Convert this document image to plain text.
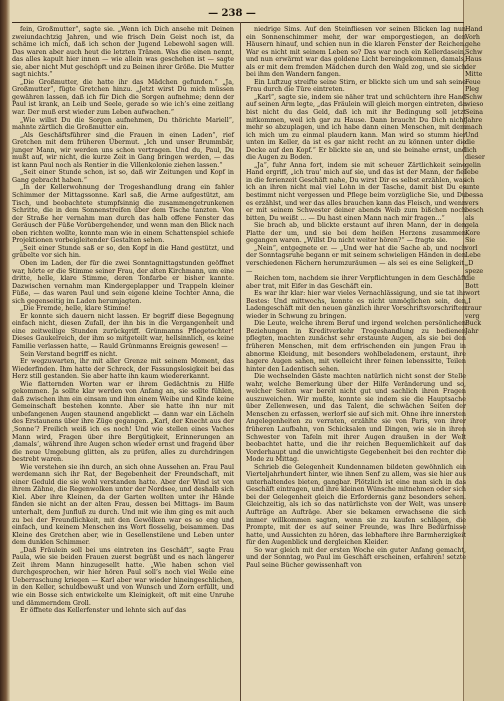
— 238 —

fein, Großmutter“, sagte sie. „Wenn ich Dich ansehe mit Deinen zweiundachtzig Jahren, und wie frisch Dein Geist noch ist, da schäme ich mich, daß ich schon der Jugend Lebewohl sagen will. Das waren aber auch heut die letzten Tränen. Was die einen nennt, das alles kapult hier innen — wie allein was geschehen ist — sagte sie, aber nicht Mut geschöpft und zu Beinen ihrer Größe. Die Mutter sagt nichts.“

„Die Großmutter, die hatte ihr das Mädchen gefunden.“ „Ja, Großmutter“, fügte Gretchen hinzu. „Jetzt wirst Du mich müssen gewähren lassen, daß ich für Dich die Sorgen aufnehme; denn der Paul ist krank, an Leib und Seele, gerade so wie ich’s eine zeitlang war. Der muß erst wieder zum Leben aufwachen.“

„Wie willst Du die Sorgen aufnehmen, Du thörichte Mariell“, mahnte zärtlich die Großmutter ein.

„Als Geschäftsführer sind die Frauen in einen Laden“, rief Gretchen mit dem früheren Übermut. „Ich und unser Brummbär, junger Mann, wir werden uns schon vertragen. Und du, Paul, Du mußt auf, wir nicht, die kurze Zeit in Gang bringen werden, — das ist kann Paul noch als Rentier in die Villenkolonie ziehen lassen.“

„Seit einer Stunde schon, ist so, daß wir Zeitungen und Kopf in Gang gebracht haben.“

„In der Kellerwohnung der Trogeshandlung drang ein fahler Schimmer der Mittagssonne. Karl saß, die Arme aufgestützt, am Tisch, und beobachtete stumpfsinnig die zusammengetrunkenen Schritte, die in dem Sonnenstreifen über dem Tische tanzten. Von der Straße her vernahm man durch das halb offene Fenster das Geräusch der Füße Vorübergehender, und wenn man den Blick nach oben richten wollte, konnte man wie in einem Schattenspiel schiefe Projektionen vorbeigleitender Gestalten sehen.

„Seit einer Stunde saß er so, den Kopf in die Hand gestützt, und grübelte vor sich hin.

Oben im Laden, der für die zwei Sonntagnittagstunden geöffnet war, hörte er die Stimme seiner Frau, der alten Kirchmann, um eine dritte, helle, klare Stimme, deren Tonfarbe er bisher kannte. Dazwischen vernahm man Kindergeplapper und Trappeln kleiner Füße, — das waren Paul und sein eigene kleine Tochter Anna, die sich gegenseitig im Laden herumjagten.

„Die Fremde, helle, klare Stimme!

Er konnte sich dauern nicht lassen. Er begriff diese Begegnung einfach nicht, diesen Zufall, der ihn bis in die Vergangenheit und eine zeitweilige Stunden zurückgriff. Grünmanns Pflegetochter! Dieses Gaukelreich, der ihm so mitgeteilt war, hellsinnlich, es keine Familie verlassen hatte, — Rauld Grünmanns Ereignis gewesen! —

Sein Verstand begriff es nicht.

Er wegzuwarten, ihr mit aller Grenze mit seinem Moment, das Wiederfinden. Ihm hatte der Schreck, der Fassungslosigkeit bei das Herz still gestanden. Sie aber hatte ihn kaum wiedererkannt.

Wie flatternden Worten war er ihrem Gedächtnis zu Hilfe gekommen. Ja sollte klar werden von Anfang an, sie sollte fühlen, daß zwischen ihm ein einsam und ihm einem Weibe und Kinde keine Gemeinschaft bestehen konnte. Aber sie hatte ihn nur mit unbefangenen Augen staunend angeblickt — dann war ein Lächeln des Erstaunens über ihre Züge gegangen. „Karl, der Knecht aus der ‚Sonne‘? Freilich weiß ich es noch! Und wie stellen eines Vaches Mann wird, Fragen über ihre Bergütigkeit, Erinnerungen an ‚damals‘, während ihre Augen schon wieder ernst und fragend über die neue Umgebung glitten, als zu prüfen, alles zu durchdringen bestrebt waren.

Wie verstehen sie ihn durch, an sich ohne Aussehen an. Frau Paul werdemann sich ihr Rat, der Begebenheit der Freundschaft, mit einer Geduld die sie wohl verstanden hatte. Aber der Wind ist von ihrem Zähne, die Regenwolken unter der Nordsee, und deshalb sich Kiel. Aber ihre Kleinen, da der Garten wollten unter ihr Hände fänden sie nicht an der alten Frau, dessen bei Mittags- im Baum unterhalt, dem Junfluß zu durch. Und mit wie ihm ging es mit auch zu bei der Freundlichkeit, mit den Gewölken war es so eng und einfach, und keinem Menschen ins Wort flosselig, beisammen. Das Kleine des Gretchen aber, wie in Gesellenstilene und Leben unter dem dunklen Schimmer.

„Daß Fräulein soll bei uns eintreten ins Geschäft“, sagte Frau Paula, wie sie beiden Frauen zuerst begrüßt und es nach längerer Zeit ihrem Mann hinzugesellt hatte. „Wie haben schon viel durchgesprochen, wir hier hören Paul soll’s noch viel Weile eine Ueberraschung kriegen — Karl aber war wieder hineingeschlichen, in den Keller, schuldbewußt und von Wunsch und Zorn erfüllt, und wie ein Bosse sich entwickelte um Kleinigkeit, oft mit eine Unruhe und dämmerndem Groll.

Er öffnete das Kellerfenster und lehnte sich auf das

niedrige Sims. Auf den Steinfliesen vor seinen Blicken lag nun ein Sonnenschimmer mehr, der war emporgestiegen, an den Häusern hinauf, und schien nun in die klaren Fenster der Reichen. War es nicht mit seinem Leben so? Das war noch ein Kellerdasein, und nun erwärmt war das goldene Licht bereingekommen, damals, als er mit dem fremden Mädchen durch den Wald zog, und sie sich bei ihm den Wandern fangen.

Ein Luftzug streifte seine Stirn, er blickte sich um und sah seine Frau durch die Türe eintreten.

„Karl“, sagte sie, indem sie näher trat und schüchtern ihre Hand auf seinen Arm legte, „das Fräulein will gleich morgen eintreten, da bist nicht du das Geld, daß ich mit ihr Bedingung soll jetzt mitkommen, weil ich gar zu Hause. Dann braucht Du Dich nicht mehr so abzuplagen, und ich habe dann einen Menschen, mit dem ich mich um zu einmal plaudern kann. Man wird so stumm hier unten im Keller, da ist es gar nicht recht an zu können unter die Decke auf den Kopf.“ Er blickte sie an, und sie beinahe ernst, und die Augen zu Boden.

„Ja“, fuhr Anna fort, indem sie mit scheuer Zärtlichkeit seine Hand ergriff, „ich trau’ mich auf sie, und das ist der Mann, der fiel in die ferienzeit Geschäft nahe, Du wirst Dir es selbst erzählen, was ich an ihren nicht mal viel Lohn in der Tasche, damit bist Du es bestimmt nicht vergessen und Pflege beim vorzügliche Sie, und Du es erzählst, und wer das alles brauchen kann das Fleisch, und wenn er mit seinem Schwester deiner abends Weib zum bißchen noch bitten, Du weißt ... — Du hast einen Mann nach mir fragen...“

Sie brach ab, und blickte erstaunt auf ihren Mann, der in den Platte der um, und sie bei dem heißen Herzens zusammen gegangen waren. „Willst Du nicht weiter hören?“ — fragte sie.

„Nein“, entgegnete er. — „Und wer hat die Sache ab, und noch der Sonntagsruhe begann er mit seinem schwieligen Händen in den verschiedenen Fächern herumzuräumen — als sei es eine Seligkeit. —

Reichen tom, nachdem sie ihrer Verpflichtungen in dem Geschäft aber trat, mit Eifer in das Geschäft ein.

Es war ihr klar: hier war vieles Vernachlässigung, und sie tat ihr Bestes: Und mittwochs, konnte es nicht unmöglichen sein, den Ladengeschäft mit den neuen gänzlich ihrer Vorschriftsvorschriften wieder in Schwung zu bringen.

Die Leute, welche ihrem Beruf und irgend welchen persönlichen Beziehungen in Kreditverkehr Trogeshandlung zu bedienen pflegten, machten zunächst sehr erstaunte Augen, als sie bei den früheren Menschen, mit dem erfrischenden ein jungen Frau in abnorme Kleidung, mit besonders wohlbeladenem, erstaunt, ihre hagere Augen sahen, mit vielleicht ihrer feinen lebenssitte, Teilen hinter den Ladentisch sehen.

Die wechselnden Gäste machten natürlich nicht sonst der Stelle wahr, welche Bemerkung über der Hilfe Veränderung und so, welcher Seiten war bereit nicht gut und sachlich ihren Fragen auszuweichen. Wir mußte, konnte sie indem sie die Hauptsache über Zellenwesen, und das Talent, die schwächen Seiten der Menschen zu erfassen, werlorf sie auf sich mit. Ohne ihre innersten Angelegenheiten zu verraten, erzählte sie von Paris, von ihrer früheren Laufbahn, von Schicksalen und Dingen, wie sie in ihren Schwester von Tafeln mit ihrer Augen draußen in der Welt beobachtet hatte, und die ihr reichen Bequemlichkeit auf das Vorderhaupt und die unwichtigste Gegebenheit bei den rechter die Mode zu Mittag.

Schrieb die Gelegenheit Kundennamen bildeten gewöhnlich ein Vierteljahrhundert hinter, wie ihnen Senf zu allem, was sie hier aus unterhaltendes bieten, gangbar. Plötzlich ist eine man sich in das Geschäft eintragen, und ihre kleinen Wünsche mitnehmen oder sich bei der Gelegenheit gleich die Erfordernis ganz besonders sehen. Gleichzeitig, als ich so das natürlichste von der Welt, was unsere Aufträge an Aufträge. Aber sie bekamen erwachsene die sich immer willkommen sagten, wenn sie zu kaufen schlägen, die Prompte, mit der es auf seiner Freunde, was Ihre Bedürfnisse hatte, und Aussichten zu hören, das lebhaftere ihre Barmherzigkeit für den Augenblick und dergleichen Kleider.

So war gleich mit der ersten Woche ein guter Anfang gemacht, und der Sonntag, wo Paul im Geschäft erscheinen, erfahren! setzte Paul seine Bücher gewissenhaft von

Hand
Vorh
gehe
Schw
Haus
der
Mitte
Feue
Pleg
Schw
wieso
Seina
Jahre
mach
Und
die
lich
dieser
gelin
lebe
ich
unte
bessa
vers
besch
als
gela
Kore
Sie
vorl
Lebe
„D
speze
die
Bott
wort
„I
traur
verg
Buck
Jahr
